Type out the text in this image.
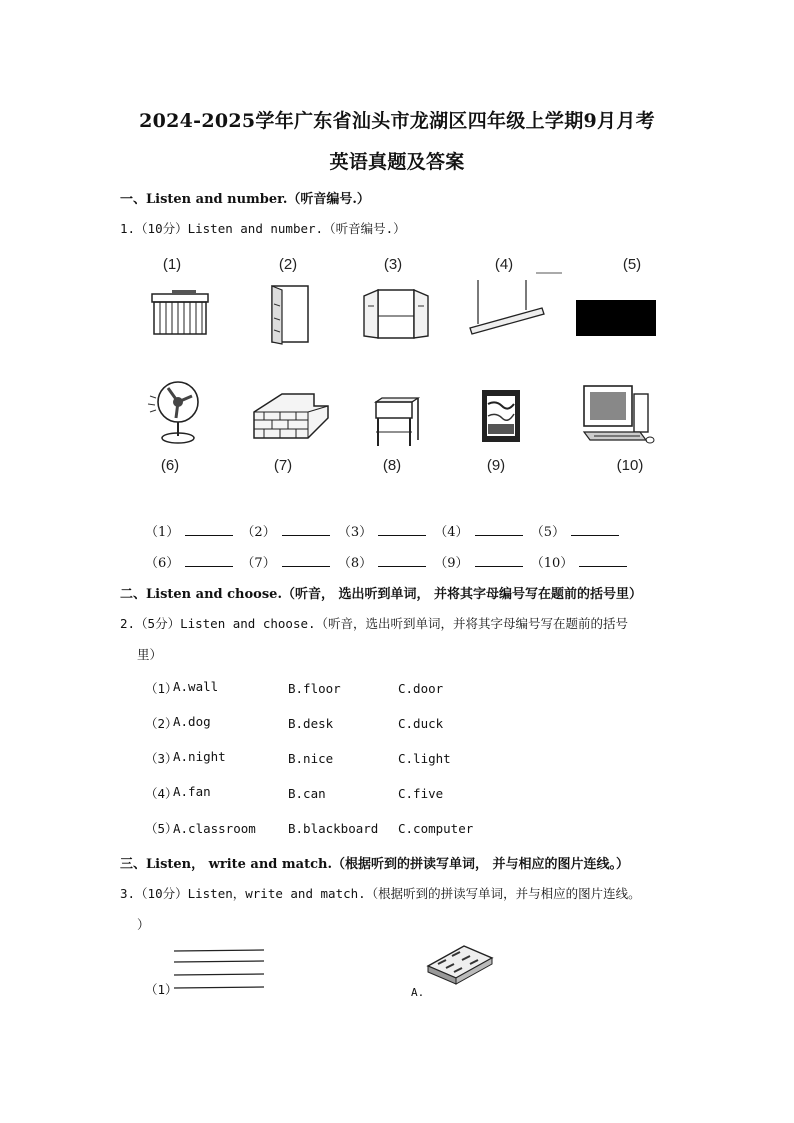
2024-2025学年广东省汕头市龙湖区四年级上学期9月月考
英语真题及答案
一、Listen and number.（听音编号.）
1.（10分）Listen and number.（听音编号.）
(1)	(2)	(3)	(4)	(5)
(6)	(7)	(8)	(9)	(10)
（1）	（2）	（3）	（4）	（5）
（6）	（7）	（8）	（9）	（10）
二、Listen and choose.（听音， 选出听到单词， 并将其字母编号写在题前的括号里）
2.（5分）Listen and choose.（听音，选出听到单词，并将其字母编号写在题前的括号
里）
（1）
A.wall	B.floor	C.door
（2）
A.dog	B.desk	C.duck
（3）
A.night	B.nice	C.light
（4）
A.fan	B.can	C.five
（5）
A.classroom	B.blackboard C.computer
三、Listen， write and match.（根据听到的拼读写单词， 并与相应的图片连线。）
3.（10分）Listen，write and match.（根据听到的拼读写单词，并与相应的图片连线。
）
（1）	A.
